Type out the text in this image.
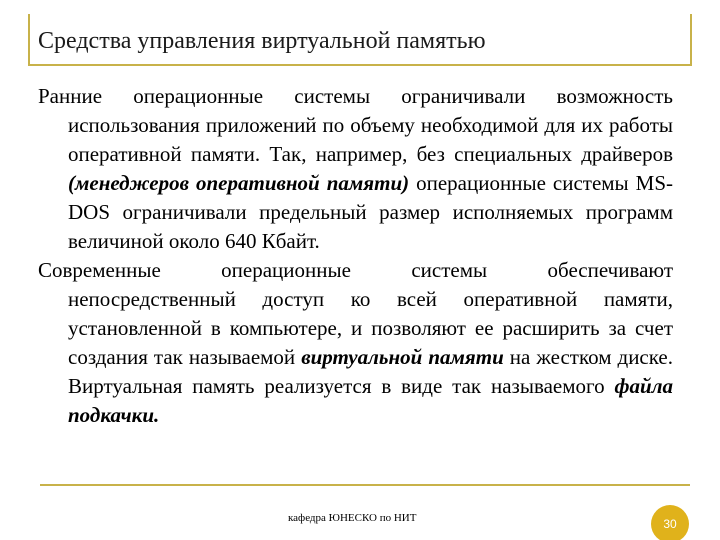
Средства управления виртуальной памятью

Ранние операционные системы ограничивали возможность использования приложений по объему необходимой для их работы оперативной памяти. Так, например, без специальных драйверов (менеджеров оперативной памяти) операционные системы MS-DOS ограничивали предельный размер исполняемых программ величиной около 640 Кбайт.

Современные операционные системы обеспечивают непосредственный доступ ко всей оперативной памяти, установленной в компьютере, и позволяют ее расширить за счет создания так называемой виртуальной памяти на жестком диске. Виртуальная память реализуется в виде так называемого файла подкачки.

кафедра ЮНЕСКО по НИТ	30
